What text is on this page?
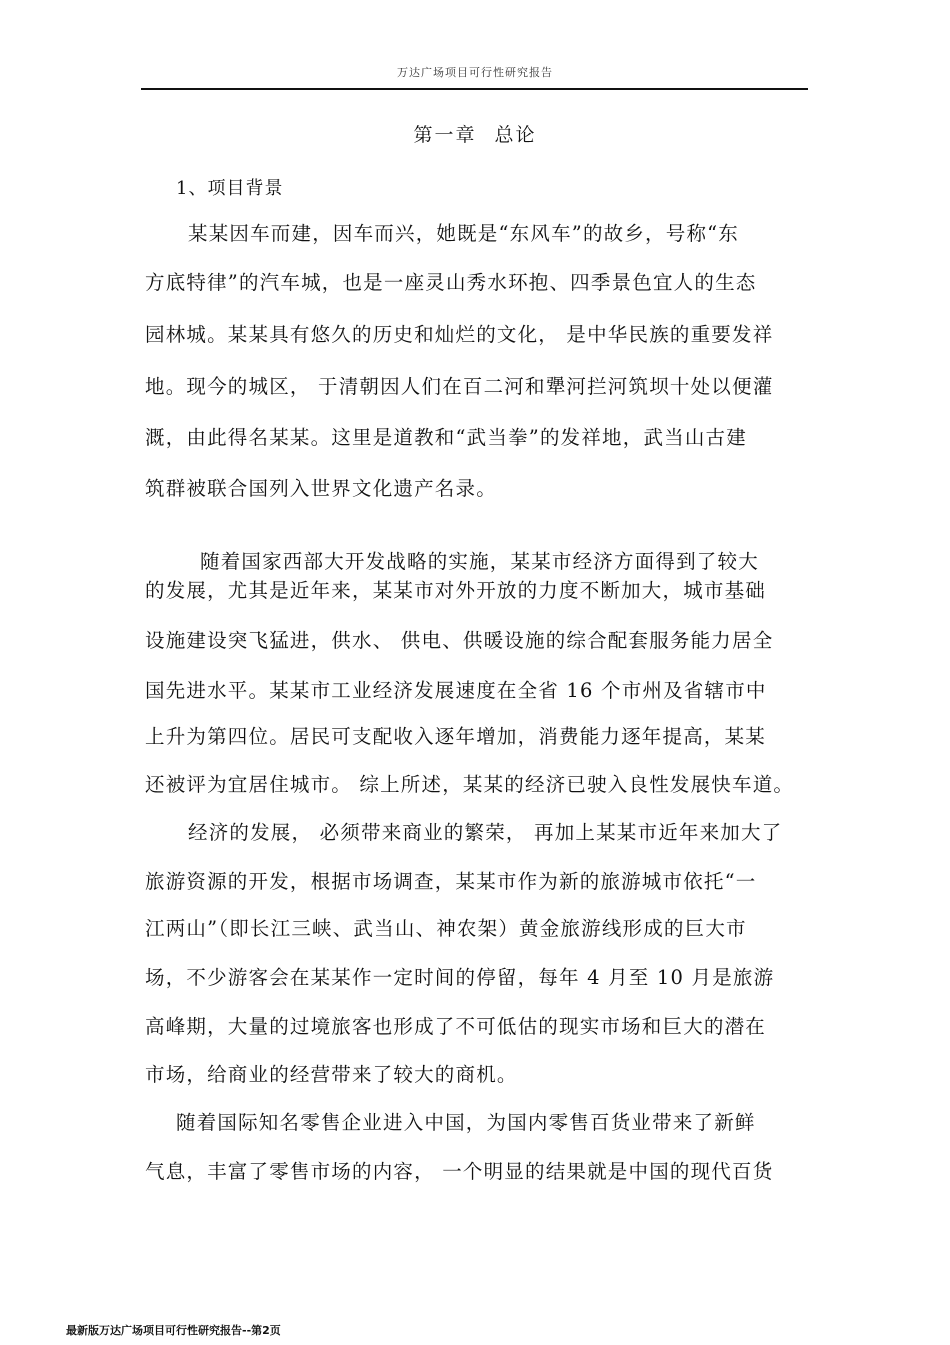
万达广场项目可行性研究报告
第一章 总论
1、项目背景
某某因车而建，因车而兴，她既是“东风车”的故乡，号称“东
方底特律”的汽车城，也是一座灵山秀水环抱、四季景色宜人的生态
园林城。某某具有悠久的历史和灿烂的文化， 是中华民族的重要发祥
地。现今的城区， 于清朝因人们在百二河和犟河拦河筑坝十处以便灌
溉，由此得名某某。这里是道教和“武当拳”的发祥地，武当山古建
筑群被联合国列入世界文化遗产名录。
随着国家西部大开发战略的实施，某某市经济方面得到了较大
的发展，尤其是近年来，某某市对外开放的力度不断加大，城市基础
设施建设突飞猛进，供水、 供电、供暖设施的综合配套服务能力居全
国先进水平。某某市工业经济发展速度在全省 16 个市州及省辖市中
上升为第四位。居民可支配收入逐年增加，消费能力逐年提高，某某
还被评为宜居住城市。 综上所述，某某的经济已驶入良性发展快车道。
经济的发展， 必须带来商业的繁荣， 再加上某某市近年来加大了
旅游资源的开发，根据市场调查，某某市作为新的旅游城市依托“一
江两山”（即长江三峡、武当山、神农架）黄金旅游线形成的巨大市
场，不少游客会在某某作一定时间的停留，每年 4 月至 10 月是旅游
高峰期，大量的过境旅客也形成了不可低估的现实市场和巨大的潜在
市场，给商业的经营带来了较大的商机。
随着国际知名零售企业进入中国，为国内零售百货业带来了新鲜
气息，丰富了零售市场的内容， 一个明显的结果就是中国的现代百货
最新版万达广场项目可行性研究报告--第2页
